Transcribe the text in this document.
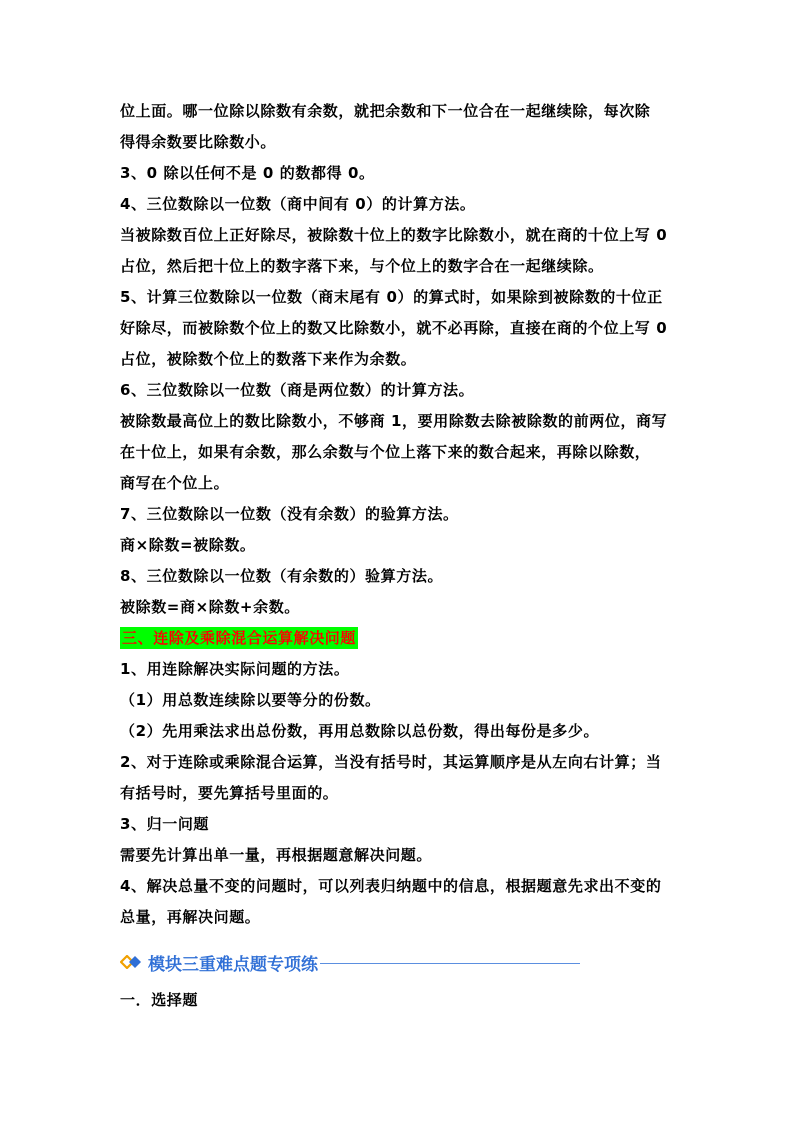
位上面。哪一位除以除数有余数，就把余数和下一位合在一起继续除，每次除
得得余数要比除数小。
3、0 除以任何不是 0 的数都得 0。
4、三位数除以一位数（商中间有 0）的计算方法。
当被除数百位上正好除尽，被除数十位上的数字比除数小，就在商的十位上写 0
占位，然后把十位上的数字落下来，与个位上的数字合在一起继续除。
5、计算三位数除以一位数（商末尾有 0）的算式时，如果除到被除数的十位正
好除尽，而被除数个位上的数又比除数小，就不必再除，直接在商的个位上写 0
占位，被除数个位上的数落下来作为余数。
6、三位数除以一位数（商是两位数）的计算方法。
被除数最高位上的数比除数小，不够商 1，要用除数去除被除数的前两位，商写
在十位上，如果有余数，那么余数与个位上落下来的数合起来，再除以除数，
商写在个位上。
7、三位数除以一位数（没有余数）的验算方法。
商×除数=被除数。
8、三位数除以一位数（有余数的）验算方法。
被除数=商×除数+余数。
三、连除及乘除混合运算解决问题
1、用连除解决实际问题的方法。
（1）用总数连续除以要等分的份数。
（2）先用乘法求出总份数，再用总数除以总份数，得出每份是多少。
2、对于连除或乘除混合运算，当没有括号时，其运算顺序是从左向右计算；当
有括号时，要先算括号里面的。
3、归一问题
需要先计算出单一量，再根据题意解决问题。
4、解决总量不变的问题时，可以列表归纳题中的信息，根据题意先求出不变的
总量，再解决问题。
模块三重难点题专项练
一．选择题
